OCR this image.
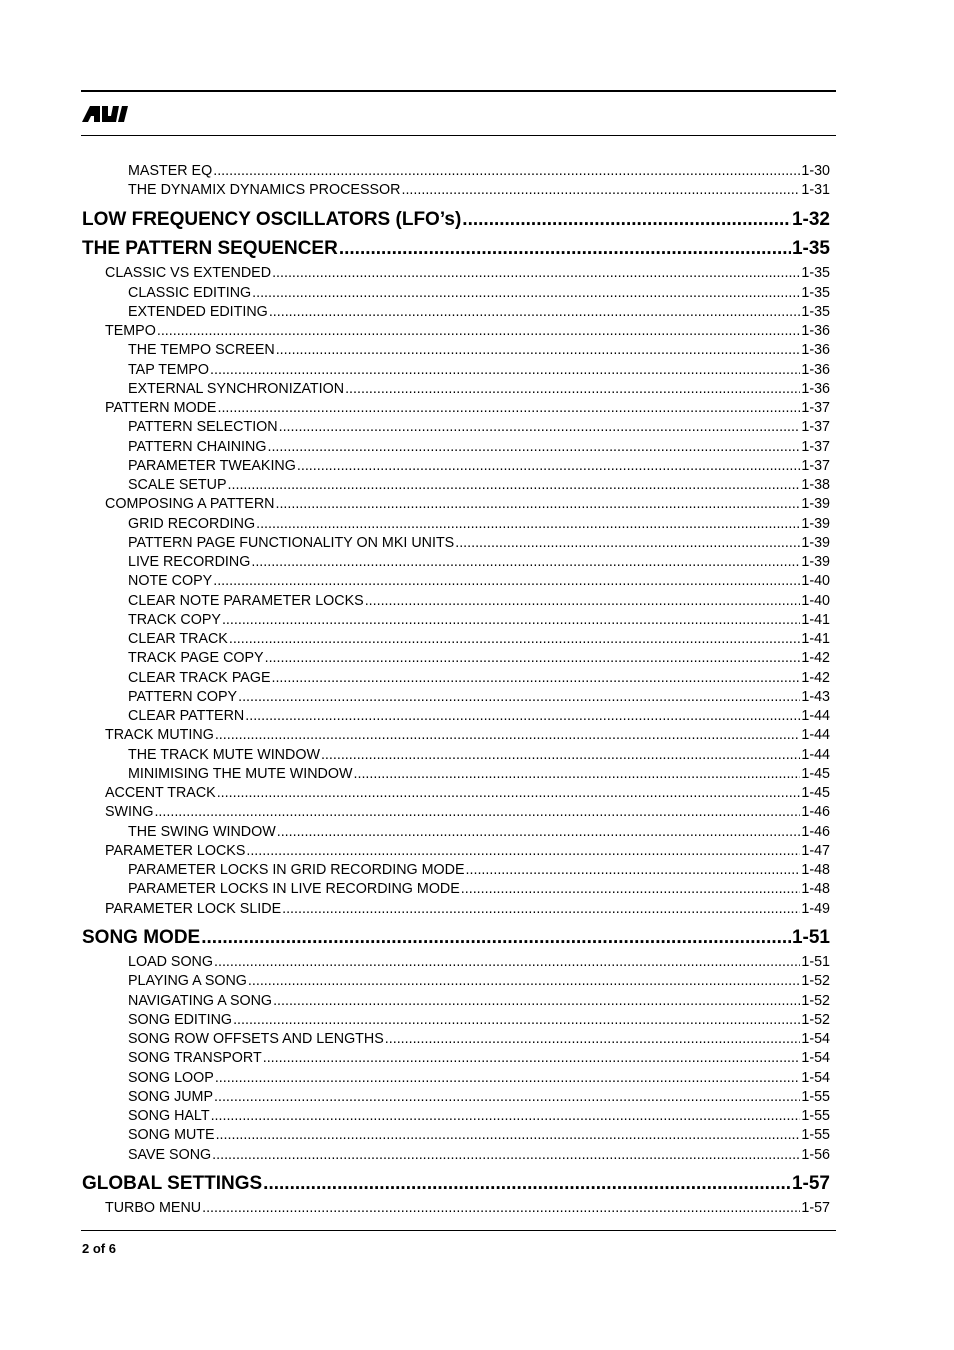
MASTER EQ .....	1-30
THE DYNAMIX DYNAMICS PROCESSOR .....	1-31
LOW FREQUENCY OSCILLATORS (LFO’s) .....	1-32
THE PATTERN SEQUENCER .....	1-35
CLASSIC VS EXTENDED .....	1-35
CLASSIC EDITING .....	1-35
EXTENDED EDITING .....	1-35
TEMPO .....	1-36
THE TEMPO SCREEN .....	1-36
TAP TEMPO .....	1-36
EXTERNAL SYNCHRONIZATION .....	1-36
PATTERN MODE .....	1-37
PATTERN SELECTION .....	1-37
PATTERN CHAINING .....	1-37
PARAMETER TWEAKING .....	1-37
SCALE SETUP .....	1-38
COMPOSING A PATTERN .....	1-39
GRID RECORDING .....	1-39
PATTERN PAGE FUNCTIONALITY ON MKI UNITS .....	1-39
LIVE RECORDING .....	1-39
NOTE COPY .....	1-40
CLEAR NOTE PARAMETER LOCKS .....	1-40
TRACK COPY .....	1-41
CLEAR TRACK .....	1-41
TRACK PAGE COPY .....	1-42
CLEAR TRACK PAGE .....	1-42
PATTERN COPY .....	1-43
CLEAR PATTERN .....	1-44
TRACK MUTING .....	1-44
THE TRACK MUTE WINDOW .....	1-44
MINIMISING THE MUTE WINDOW .....	1-45
ACCENT TRACK .....	1-45
SWING .....	1-46
THE SWING WINDOW .....	1-46
PARAMETER LOCKS .....	1-47
PARAMETER LOCKS IN GRID RECORDING MODE .....	1-48
PARAMETER LOCKS IN LIVE RECORDING MODE .....	1-48
PARAMETER LOCK SLIDE .....	1-49
SONG MODE .....	1-51
LOAD SONG .....	1-51
PLAYING A SONG .....	1-52
NAVIGATING A SONG .....	1-52
SONG EDITING .....	1-52
SONG ROW OFFSETS AND LENGTHS .....	1-54
SONG TRANSPORT .....	1-54
SONG LOOP .....	1-54
SONG JUMP .....	1-55
SONG HALT .....	1-55
SONG MUTE .....	1-55
SAVE SONG .....	1-56
GLOBAL SETTINGS .....	1-57
TURBO MENU .....	1-57
2 of 6
